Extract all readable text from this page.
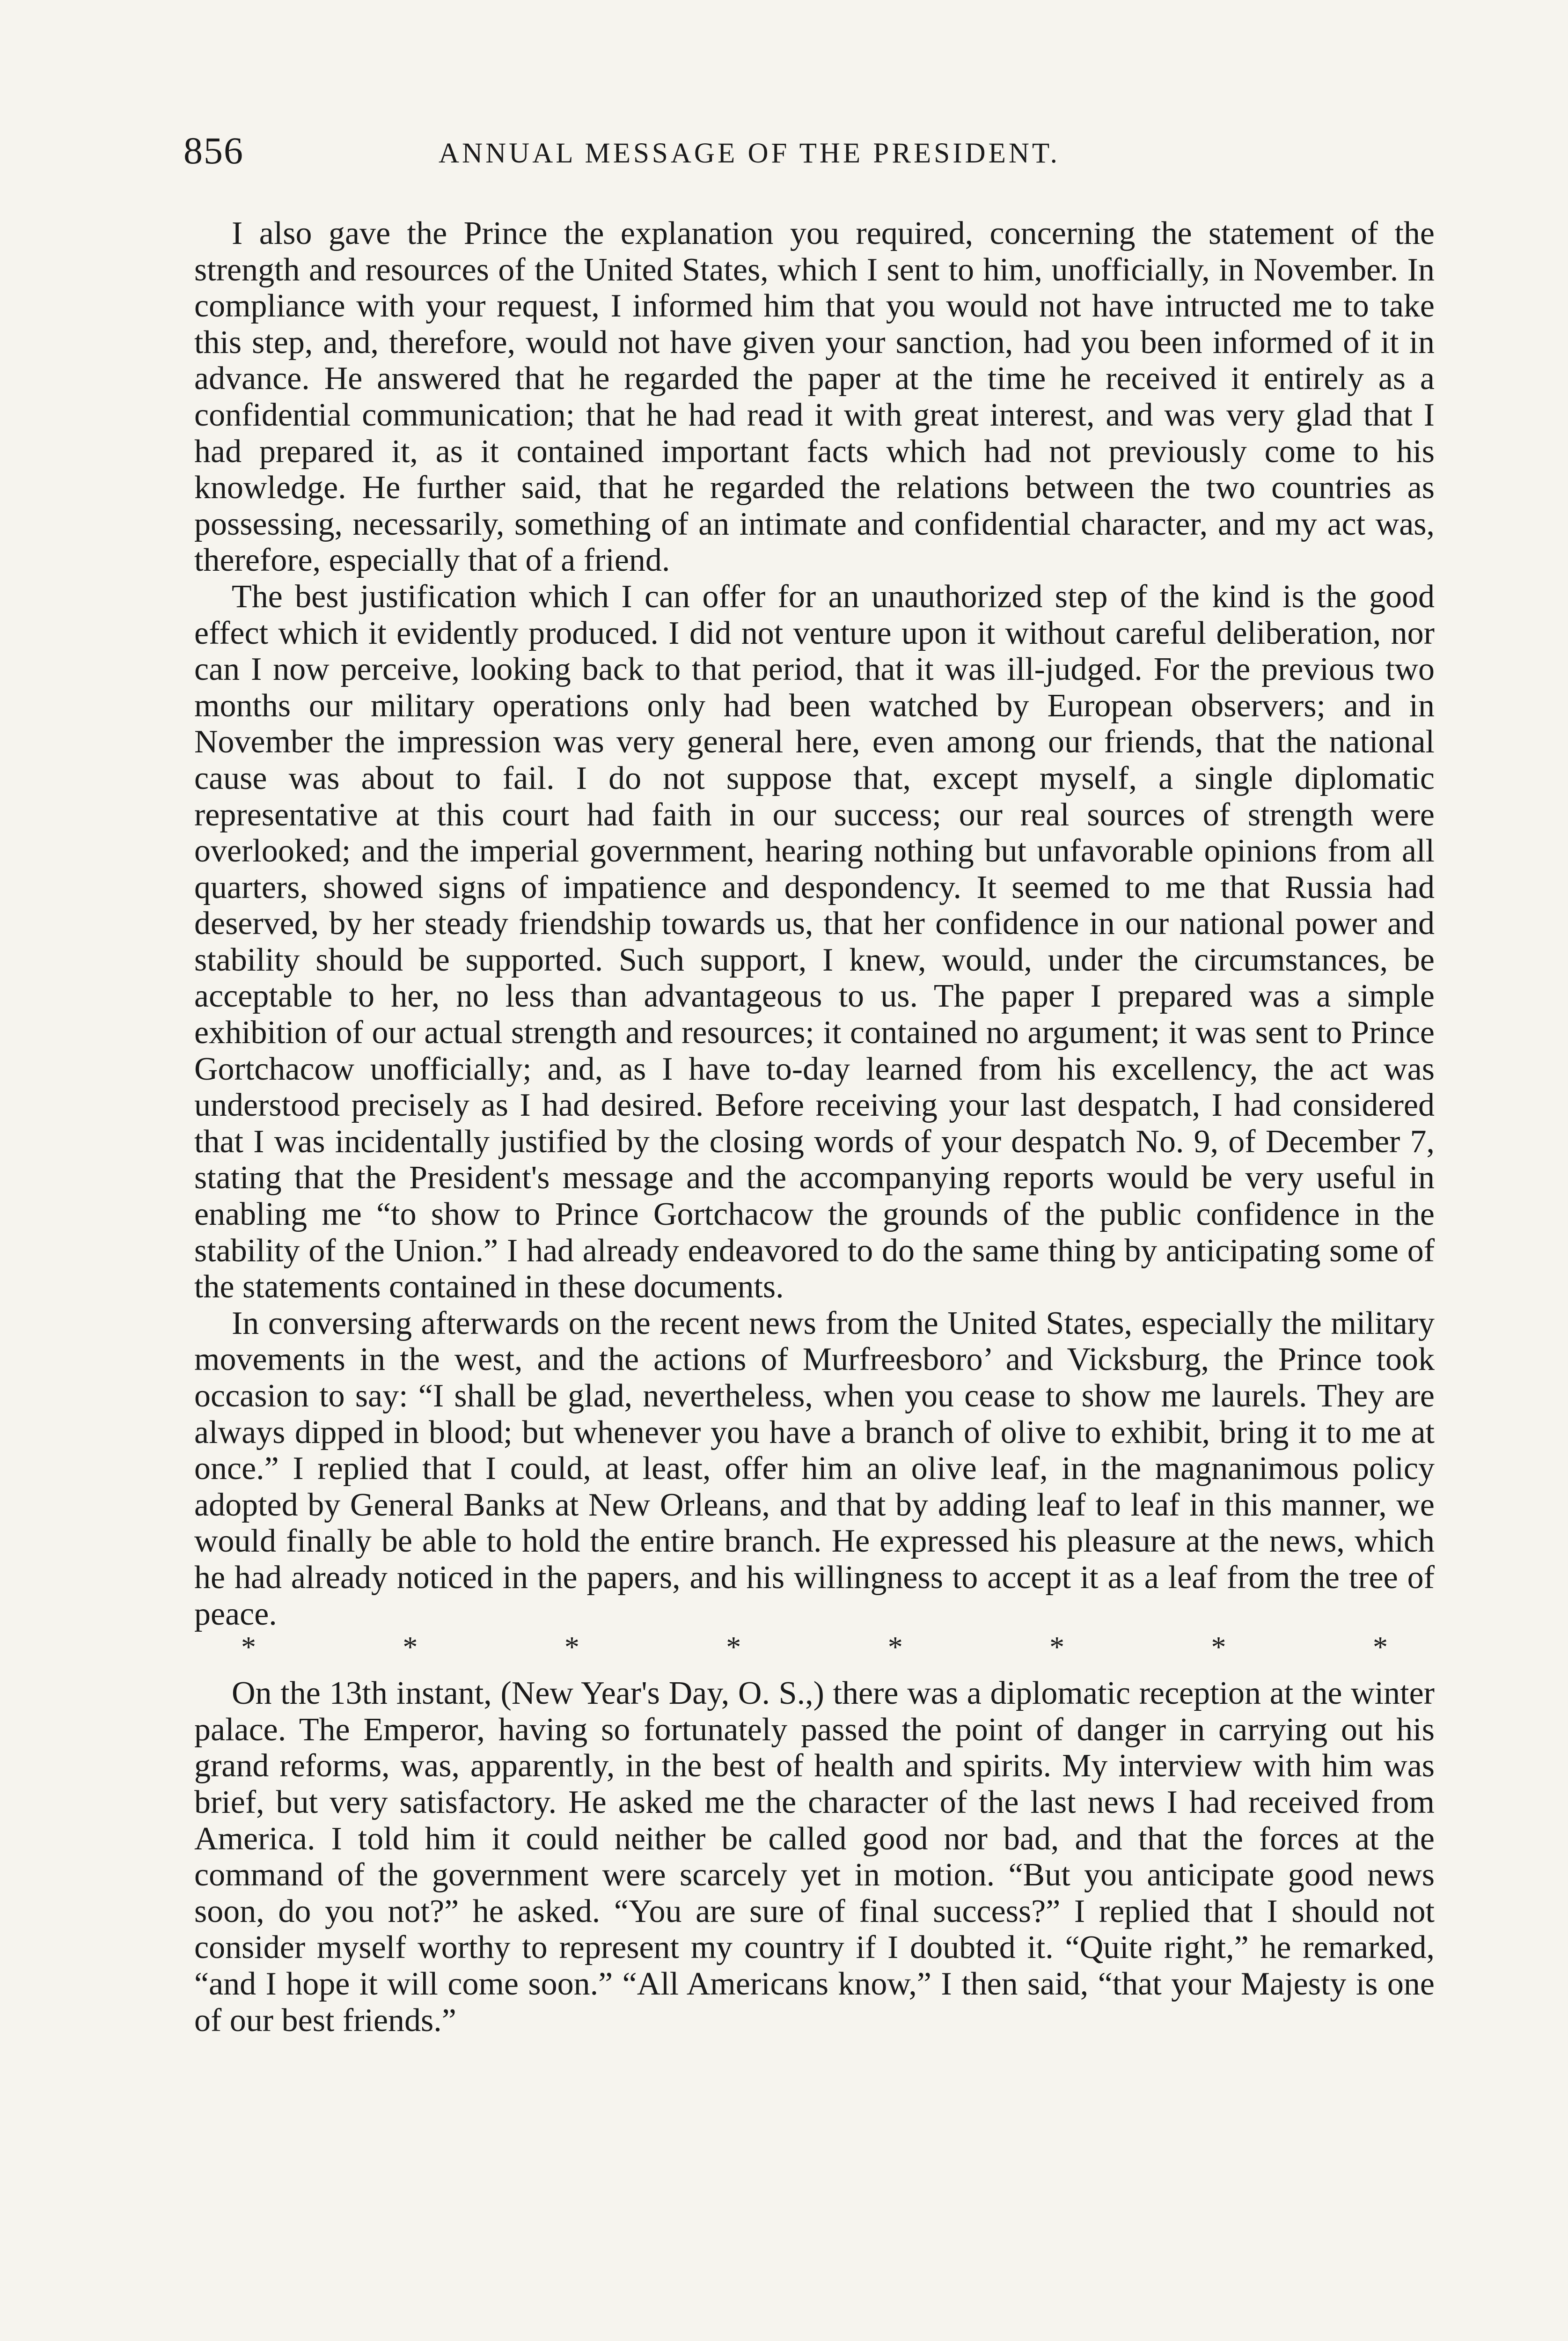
856	ANNUAL MESSAGE OF THE PRESIDENT.

I also gave the Prince the explanation you required, concerning the statement of the strength and resources of the United States, which I sent to him, unofficially, in November. In compliance with your request, I informed him that you would not have intructed me to take this step, and, therefore, would not have given your sanction, had you been informed of it in advance. He answered that he regarded the paper at the time he received it entirely as a confidential communication; that he had read it with great interest, and was very glad that I had prepared it, as it contained important facts which had not previously come to his knowledge. He further said, that he regarded the relations between the two countries as possessing, necessarily, something of an intimate and confidential character, and my act was, therefore, especially that of a friend.

The best justification which I can offer for an unauthorized step of the kind is the good effect which it evidently produced. I did not venture upon it without careful deliberation, nor can I now perceive, looking back to that period, that it was ill-judged. For the previous two months our military operations only had been watched by European observers; and in November the impression was very general here, even among our friends, that the national cause was about to fail. I do not suppose that, except myself, a single diplomatic representative at this court had faith in our success; our real sources of strength were overlooked; and the imperial government, hearing nothing but unfavorable opinions from all quarters, showed signs of impatience and despondency. It seemed to me that Russia had deserved, by her steady friendship towards us, that her confidence in our national power and stability should be supported. Such support, I knew, would, under the circumstances, be acceptable to her, no less than advantageous to us. The paper I prepared was a simple exhibition of our actual strength and resources; it contained no argument; it was sent to Prince Gortchacow unofficially; and, as I have to-day learned from his excellency, the act was understood precisely as I had desired. Before receiving your last despatch, I had considered that I was incidentally justified by the closing words of your despatch No. 9, of December 7, stating that the President's message and the accompanying reports would be very useful in enabling me “to show to Prince Gortchacow the grounds of the public confidence in the stability of the Union.” I had already endeavored to do the same thing by anticipating some of the statements contained in these documents.

In conversing afterwards on the recent news from the United States, especially the military movements in the west, and the actions of Murfreesboro’ and Vicksburg, the Prince took occasion to say: “I shall be glad, nevertheless, when you cease to show me laurels. They are always dipped in blood; but whenever you have a branch of olive to exhibit, bring it to me at once.” I replied that I could, at least, offer him an olive leaf, in the magnanimous policy adopted by General Banks at New Orleans, and that by adding leaf to leaf in this manner, we would finally be able to hold the entire branch. He expressed his pleasure at the news, which he had already noticed in the papers, and his willingness to accept it as a leaf from the tree of peace.

*	*	*	*	*	*	*	*

On the 13th instant, (New Year's Day, O. S.,) there was a diplomatic reception at the winter palace. The Emperor, having so fortunately passed the point of danger in carrying out his grand reforms, was, apparently, in the best of health and spirits. My interview with him was brief, but very satisfactory. He asked me the character of the last news I had received from America. I told him it could neither be called good nor bad, and that the forces at the command of the government were scarcely yet in motion. “But you anticipate good news soon, do you not?” he asked. “You are sure of final success?” I replied that I should not consider myself worthy to represent my country if I doubted it. “Quite right,” he remarked, “and I hope it will come soon.” “All Americans know,” I then said, “that your Majesty is one of our best friends.”
